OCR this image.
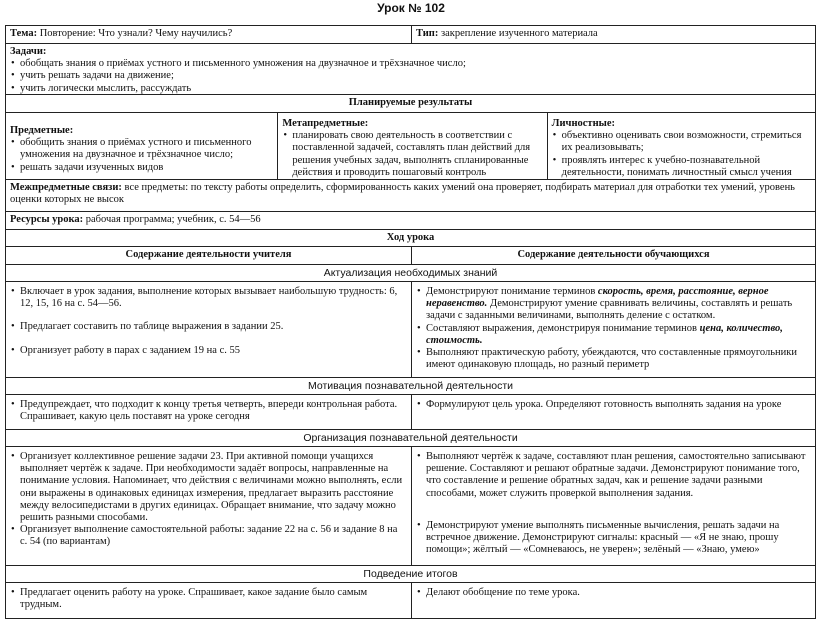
Урок № 102
Тема: Повторение: Что узнали? Чему научились?	Тип: закрепление изученного материала
Задачи:
• обобщать знания о приёмах устного и письменного умножения на двузначное и трёхзначное число;
• учить решать задачи на движение;
• учить логически мыслить, рассуждать
Планируемые результаты
Предметные:
• обобщить знания о приёмах устного и письменного умножения на двузначное и трёхзначное число;
• решать задачи изученных видов
Метапредметные:
• планировать свою деятельность в соответствии с поставленной задачей, составлять план действий для решения учебных задач, выполнять спланированные действия и проводить пошаговый контроль
Личностные:
• объективно оценивать свои возможности, стремиться их реализовывать;
• проявлять интерес к учебно-познавательной деятельности, понимать личностный смысл учения
Межпредметные связи: все предметы: по тексту работы определить, сформированность каких умений она проверяет, подбирать материал для отработки тех умений, уровень оценки которых не высок
Ресурсы урока: рабочая программа; учебник, с. 54—56
Ход урока
Содержание деятельности учителя	Содержание деятельности обучающихся
Актуализация необходимых знаний
• Включает в урок задания, выполнение которых вызывает наибольшую трудность: 6, 12, 15, 16 на с. 54—56.
• Предлагает составить по таблице выражения в задании 25.
• Организует работу в парах с заданием 19 на с. 55
• Демонстрируют понимание терминов скорость, время, расстояние, верное неравенство. Демонстрируют умение сравнивать величины, составлять и решать задачи с заданными величинами, выполнять деление с остатком.
• Составляют выражения, демонстрируя понимание терминов цена, количество, стоимость.
• Выполняют практическую работу, убеждаются, что составленные прямоугольники имеют одинаковую площадь, но разный периметр
Мотивация познавательной деятельности
• Предупреждает, что подходит к концу третья четверть, впереди контрольная работа. Спрашивает, какую цель поставят на уроке сегодня
• Формулируют цель урока. Определяют готовность выполнять задания на уроке
Организация познавательной деятельности
• Организует коллективное решение задачи 23. При активной помощи учащихся выполняет чертёж к задаче. При необходимости задаёт вопросы, направленные на понимание условия. Напоминает, что действия с величинами можно выполнять, если они выражены в одинаковых единицах измерения, предлагает выразить расстояние между велосипедистами в других единицах. Обращает внимание, что задачу можно решить разными способами.
• Организует выполнение самостоятельной работы: задание 22 на с. 56 и задание 8 на с. 54 (по вариантам)
• Выполняют чертёж к задаче, составляют план решения, самостоятельно записывают решение. Составляют и решают обратные задачи. Демонстрируют понимание того, что составление и решение обратных задач, как и решение задачи разными способами, может служить проверкой выполнения задания.
• Демонстрируют умение выполнять письменные вычисления, решать задачи на встречное движение. Демонстрируют сигналы: красный — «Я не знаю, прошу помощи»; жёлтый — «Сомневаюсь, не уверен»; зелёный — «Знаю, умею»
Подведение итогов
• Предлагает оценить работу на уроке. Спрашивает, какое задание было самым трудным.
• Делают обобщение по теме урока.
